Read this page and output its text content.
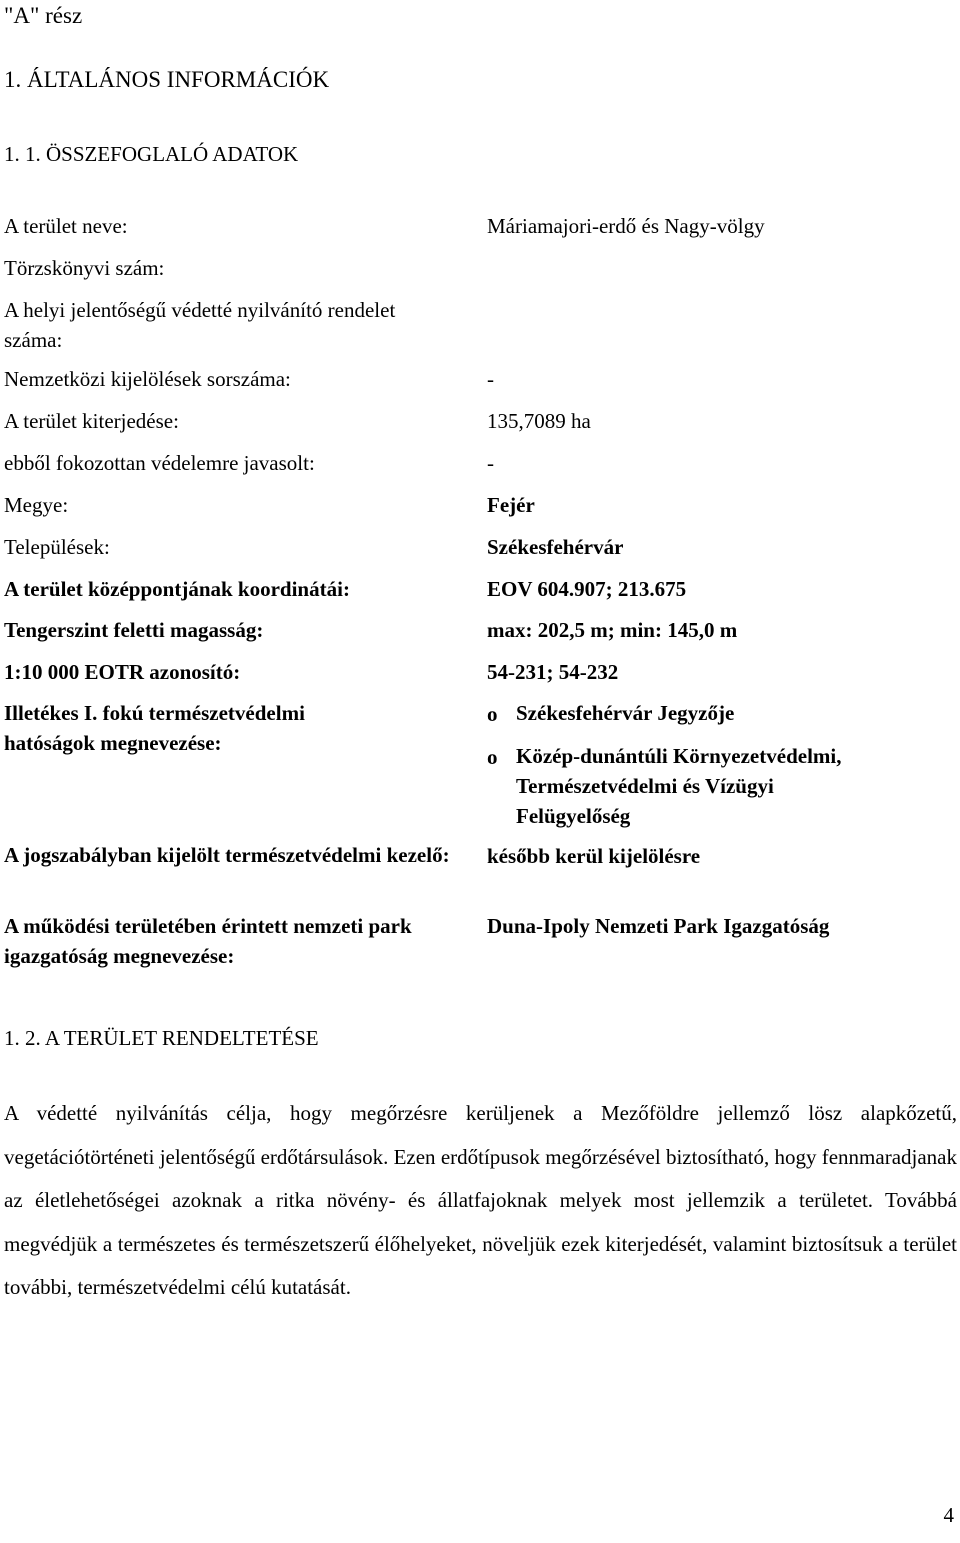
"A" rész
1. ÁLTALÁNOS INFORMÁCIÓK
1. 1. ÖSSZEFOGLALÓ ADATOK
A terület neve:	Máriamajori-erdő és Nagy-völgy
Törzskönyvi szám:
A helyi jelentőségű védetté nyilvánító rendelet száma:
Nemzetközi kijelölések sorszáma:	-
A terület kiterjedése:	135,7089 ha
ebből fokozottan védelemre javasolt:	-
Megye:	Fejér
Települések:	Székesfehérvár
A terület középpontjának koordinátái:	EOV 604.907; 213.675
Tengerszint feletti magasság:	max: 202,5 m; min: 145,0 m
1:10 000 EOTR azonosító:	54-231; 54-232
Illetékes I. fokú természetvédelmi hatóságok megnevezése:
o Székesfehérvár Jegyzője
o Közép-dunántúli Környezetvédelmi,
Természetvédelmi és Vízügyi
Felügyelőség
A jogszabályban kijelölt természetvédelmi kezelő:	később kerül kijelölésre
A működési területében érintett nemzeti park igazgatóság megnevezése:
Duna-Ipoly Nemzeti Park Igazgatóság
1. 2. A TERÜLET RENDELTETÉSE
A védetté nyilvánítás célja, hogy megőrzésre kerüljenek a Mezőföldre jellemző lösz alapkőzetű, vegetációtörténeti jelentőségű erdőtársulások. Ezen erdőtípusok megőrzésével biztosítható, hogy fennmaradjanak az életlehetőségei azoknak a ritka növény- és állatfajoknak melyek most jellemzik a területet. Továbbá megvédjük a természetes és természetszerű élőhelyeket, növeljük ezek kiterjedését, valamint biztosítsuk a terület további, természetvédelmi célú kutatását.
4
